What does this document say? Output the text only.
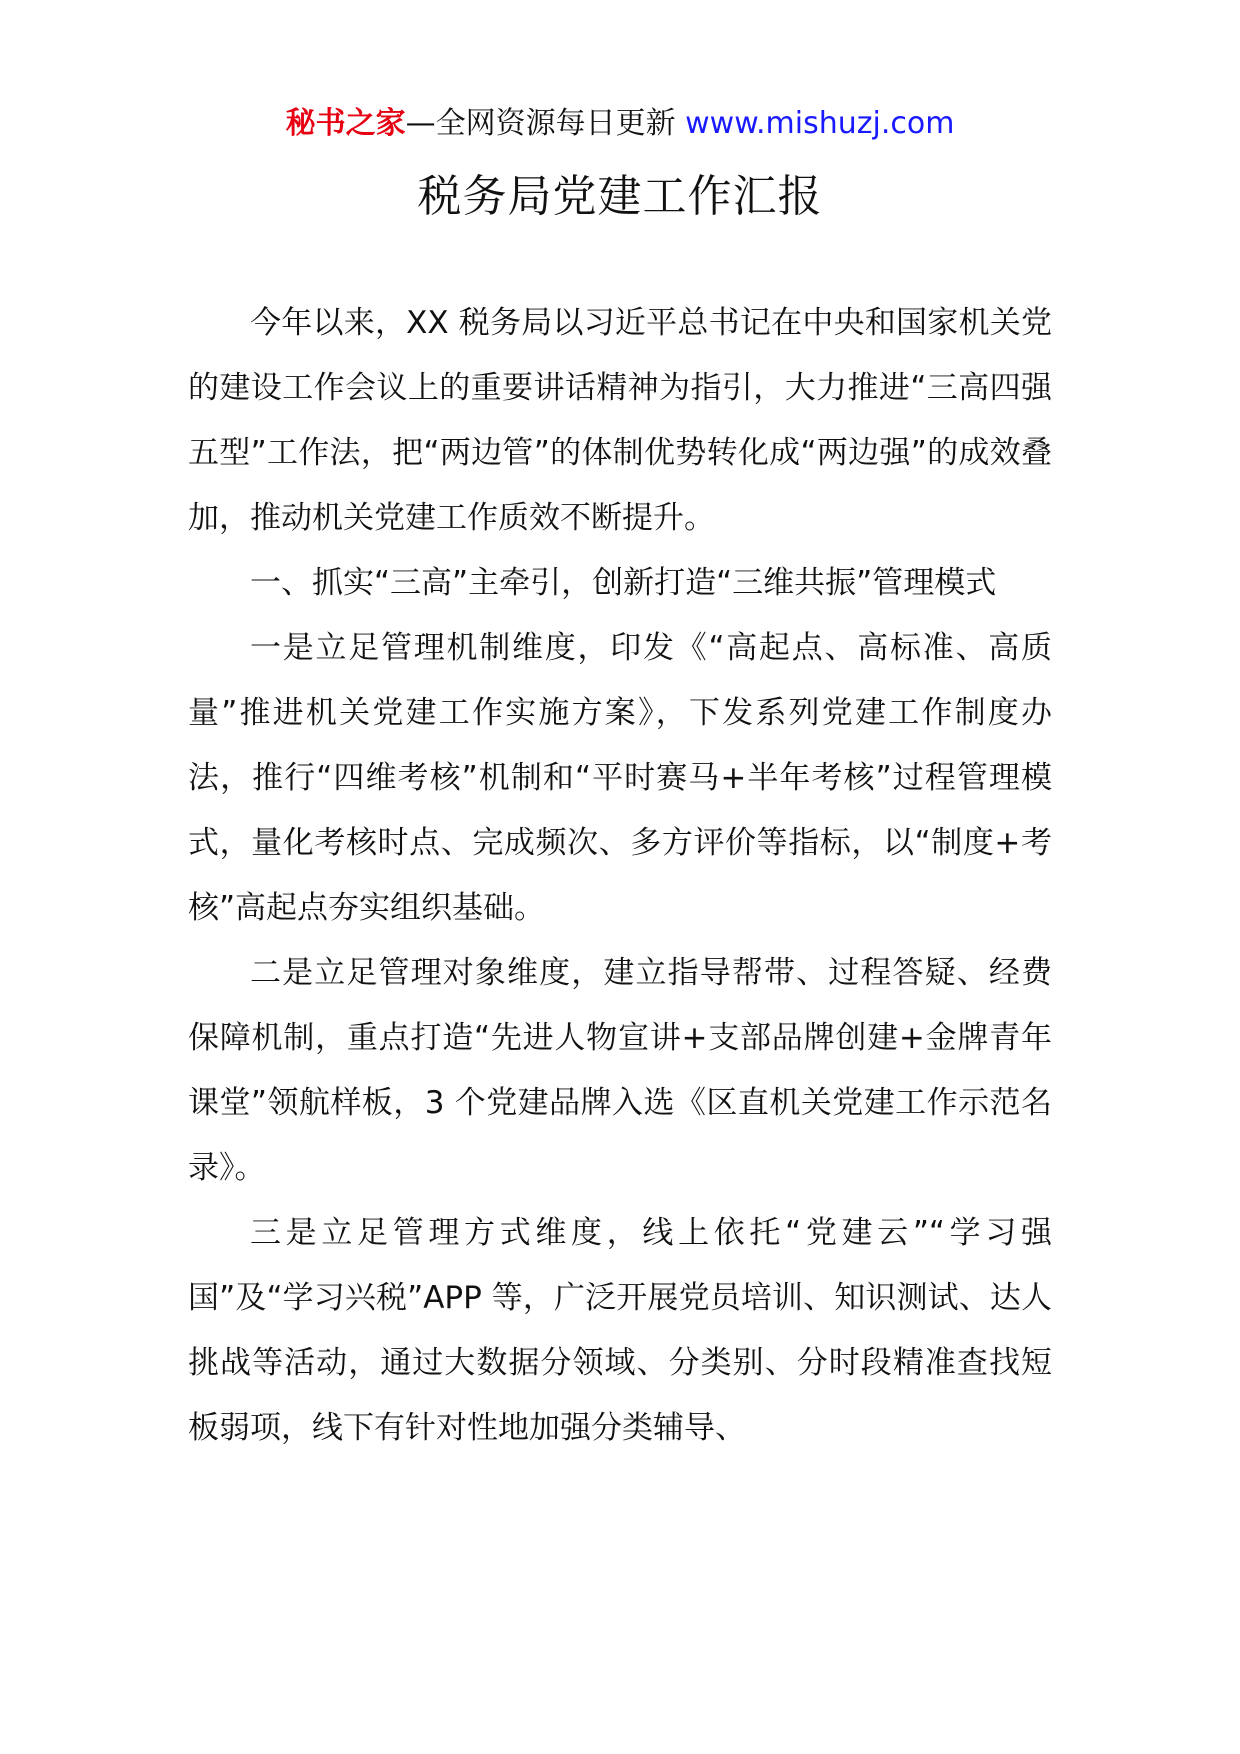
秘书之家—全网资源每日更新 www.mishuzj.com
税务局党建工作汇报

今年以来，XX 税务局以习近平总书记在中央和国家机关党的建设工作会议上的重要讲话精神为指引，大力推进“三高四强五型”工作法，把“两边管”的体制优势转化成“两边强”的成效叠加，推动机关党建工作质效不断提升。

一、抓实“三高”主牵引，创新打造“三维共振”管理模式

一是立足管理机制维度，印发《“高起点、高标准、高质量”推进机关党建工作实施方案》，下发系列党建工作制度办法，推行“四维考核”机制和“平时赛马+半年考核”过程管理模式，量化考核时点、完成频次、多方评价等指标，以“制度+考核”高起点夯实组织基础。

二是立足管理对象维度，建立指导帮带、过程答疑、经费保障机制，重点打造“先进人物宣讲+支部品牌创建+金牌青年课堂”领航样板，3 个党建品牌入选《区直机关党建工作示范名录》。

三是立足管理方式维度，线上依托“党建云”“学习强国”及“学习兴税”APP 等，广泛开展党员培训、知识测试、达人挑战等活动，通过大数据分领域、分类别、分时段精准查找短板弱项，线下有针对性地加强分类辅导、
